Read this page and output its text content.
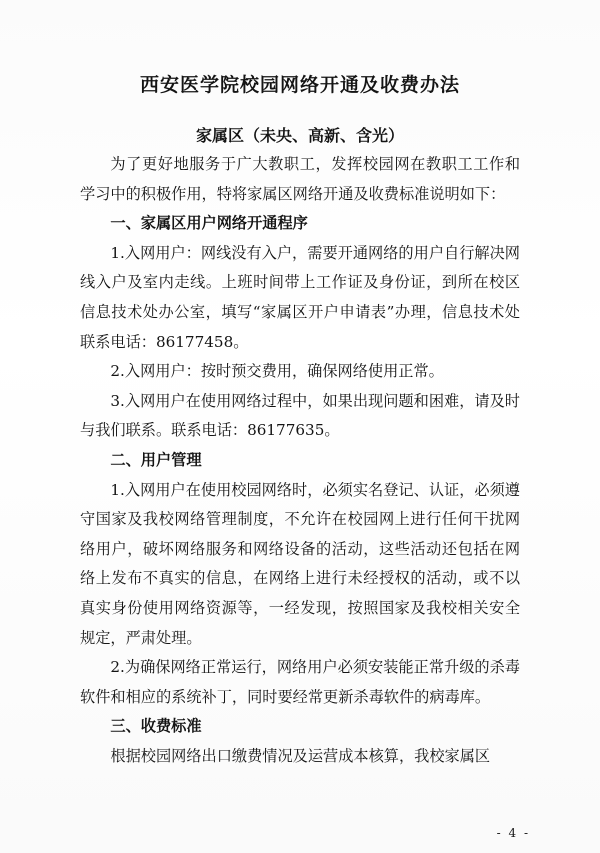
西安医学院校园网络开通及收费办法
家属区（未央、高新、含光）

为了更好地服务于广大教职工，发挥校园网在教职工工作和学习中的积极作用，特将家属区网络开通及收费标准说明如下：

一、家属区用户网络开通程序

1.入网用户：网线没有入户，需要开通网络的用户自行解决网线入户及室内走线。上班时间带上工作证及身份证，到所在校区信息技术处办公室，填写“家属区开户申请表”办理，信息技术处联系电话：86177458。

2.入网用户：按时预交费用，确保网络使用正常。

3.入网用户在使用网络过程中，如果出现问题和困难，请及时与我们联系。联系电话：86177635。

二、用户管理

1.入网用户在使用校园网络时，必须实名登记、认证，必须遵守国家及我校网络管理制度，不允许在校园网上进行任何干扰网络用户，破坏网络服务和网络设备的活动，这些活动还包括在网络上发布不真实的信息，在网络上进行未经授权的活动，或不以真实身份使用网络资源等，一经发现，按照国家及我校相关安全规定，严肃处理。

2.为确保网络正常运行，网络用户必须安装能正常升级的杀毒软件和相应的系统补丁，同时要经常更新杀毒软件的病毒库。

三、收费标准

根据校园网络出口缴费情况及运营成本核算，我校家属区

- 4 -
